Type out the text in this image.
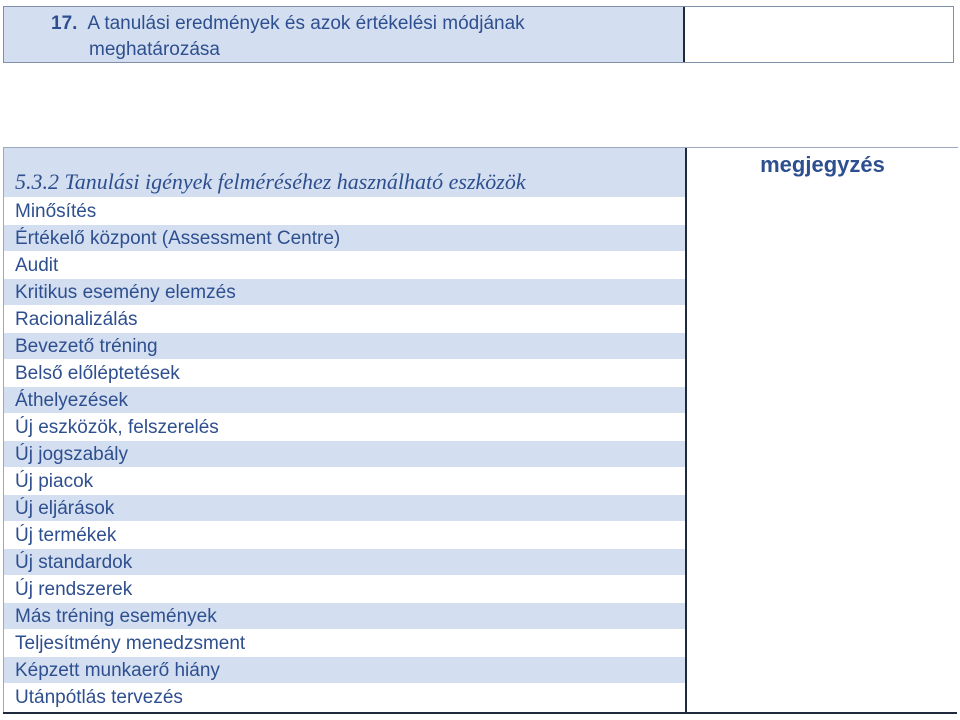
17. A tanulási eredmények és azok értékelési módjának
meghatározása
5.3.2 Tanulási igények felméréséhez használható eszközök
Minősítés
Értékelő központ (Assessment Centre)
Audit
Kritikus esemény elemzés
Racionalizálás
Bevezető tréning
Belső előléptetések
Áthelyezések
Új eszközök, felszerelés
Új jogszabály
Új piacok
Új eljárások
Új termékek
Új standardok
Új rendszerek
Más tréning események
Teljesítmény menedzsment
Képzett munkaerő hiány
Utánpótlás tervezés
megjegyzés
